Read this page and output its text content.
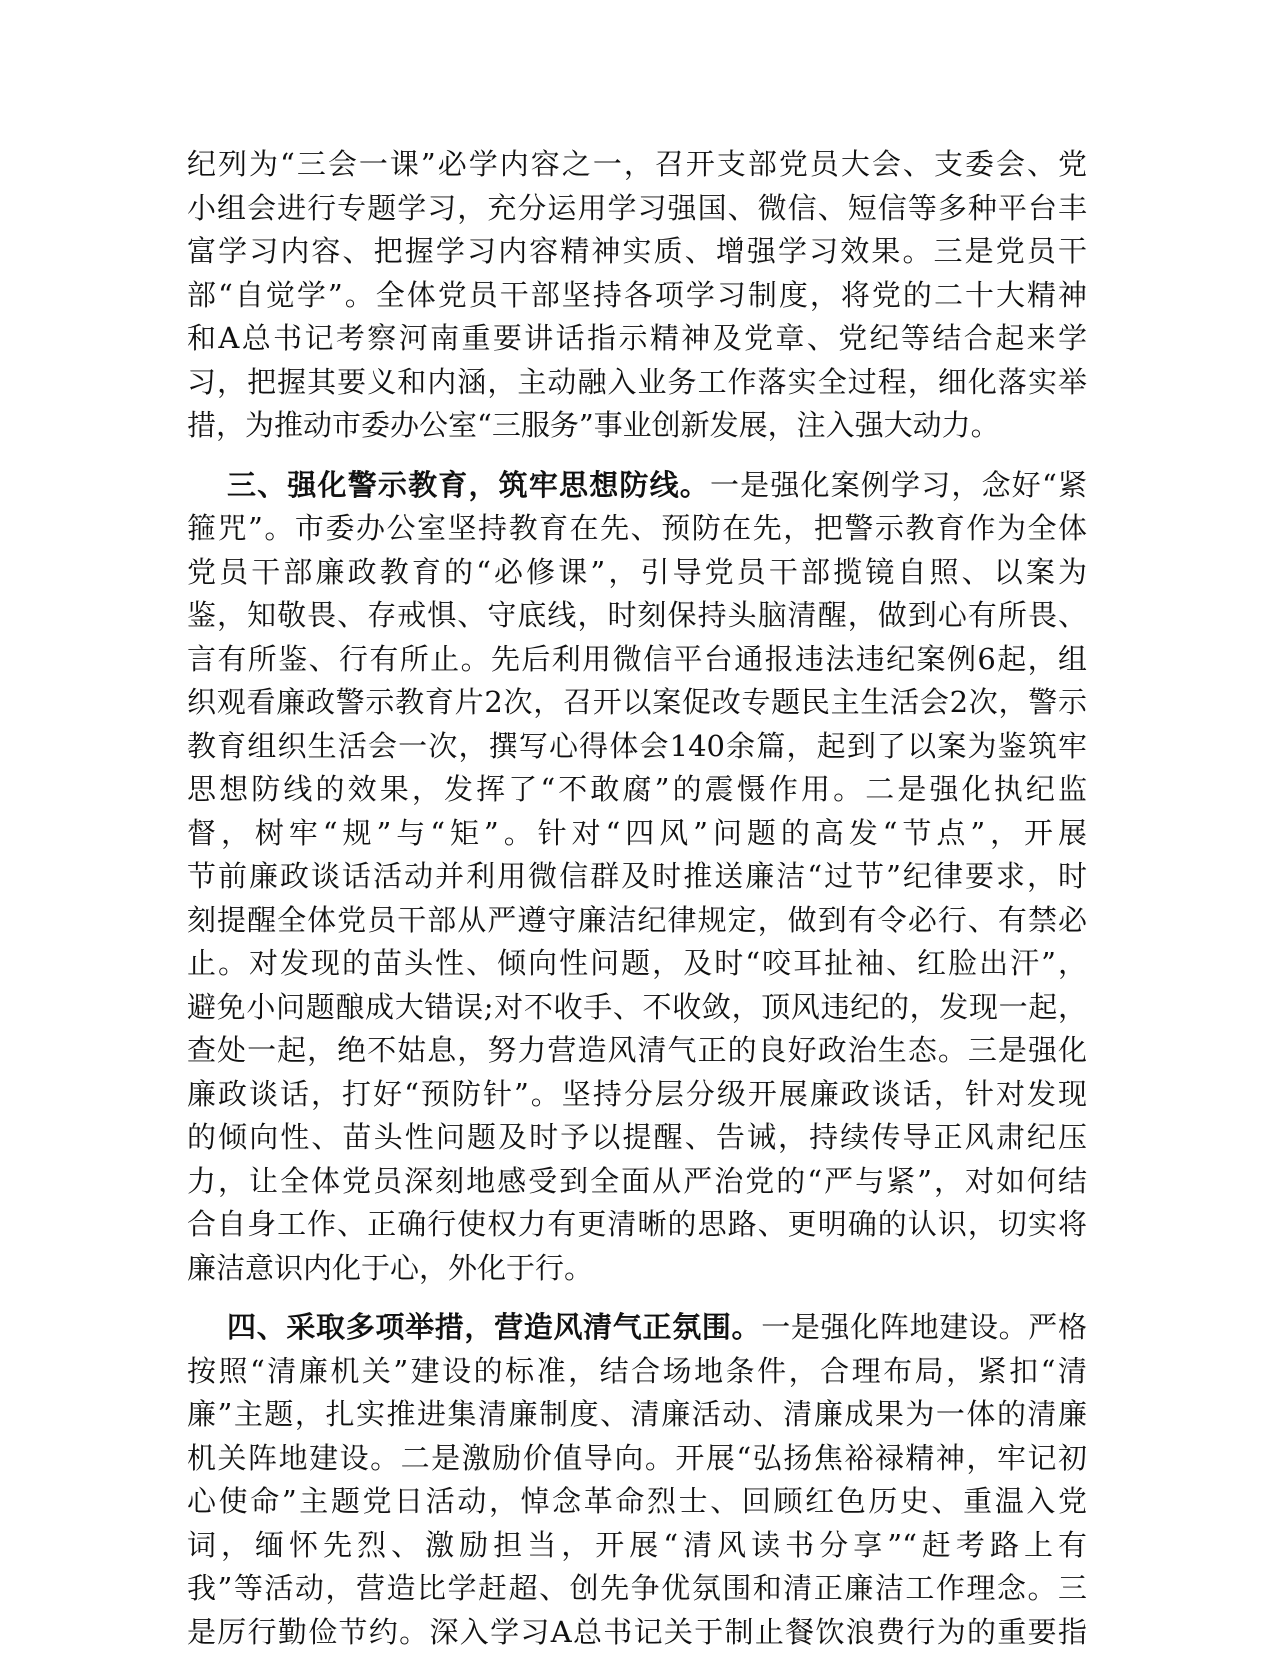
纪列为“三会一课”必学内容之一，召开支部党员大会、支委会、党
小组会进行专题学习，充分运用学习强国、微信、短信等多种平台丰
富学习内容、把握学习内容精神实质、增强学习效果。三是党员干
部“自觉学”。全体党员干部坚持各项学习制度，将党的二十大精神
和A总书记考察河南重要讲话指示精神及党章、党纪等结合起来学
习，把握其要义和内涵，主动融入业务工作落实全过程，细化落实举
措，为推动市委办公室“三服务”事业创新发展，注入强大动力。
三、强化警示教育，筑牢思想防线。一是强化案例学习，念好“紧
箍咒”。市委办公室坚持教育在先、预防在先，把警示教育作为全体
党员干部廉政教育的“必修课”，引导党员干部揽镜自照、以案为
鉴，知敬畏、存戒惧、守底线，时刻保持头脑清醒，做到心有所畏、
言有所鉴、行有所止。先后利用微信平台通报违法违纪案例6起，组
织观看廉政警示教育片2次，召开以案促改专题民主生活会2次，警示
教育组织生活会一次，撰写心得体会140余篇，起到了以案为鉴筑牢
思想防线的效果，发挥了“不敢腐”的震慑作用。二是强化执纪监
督，树牢“规”与“矩”。针对“四风”问题的高发“节点”，开展
节前廉政谈话活动并利用微信群及时推送廉洁“过节”纪律要求，时
刻提醒全体党员干部从严遵守廉洁纪律规定，做到有令必行、有禁必
止。对发现的苗头性、倾向性问题，及时“咬耳扯袖、红脸出汗”，
避免小问题酿成大错误;对不收手、不收敛，顶风违纪的，发现一起，
查处一起，绝不姑息，努力营造风清气正的良好政治生态。三是强化
廉政谈话，打好“预防针”。坚持分层分级开展廉政谈话，针对发现
的倾向性、苗头性问题及时予以提醒、告诫，持续传导正风肃纪压
力，让全体党员深刻地感受到全面从严治党的“严与紧”，对如何结
合自身工作、正确行使权力有更清晰的思路、更明确的认识，切实将
廉洁意识内化于心，外化于行。
四、采取多项举措，营造风清气正氛围。一是强化阵地建设。严格
按照“清廉机关”建设的标准，结合场地条件，合理布局，紧扣“清
廉”主题，扎实推进集清廉制度、清廉活动、清廉成果为一体的清廉
机关阵地建设。二是激励价值导向。开展“弘扬焦裕禄精神，牢记初
心使命”主题党日活动，悼念革命烈士、回顾红色历史、重温入党
词，缅怀先烈、激励担当，开展“清风读书分享”“赶考路上有
我”等活动，营造比学赶超、创先争优氛围和清正廉洁工作理念。三
是厉行勤俭节约。深入学习A总书记关于制止餐饮浪费行为的重要指
